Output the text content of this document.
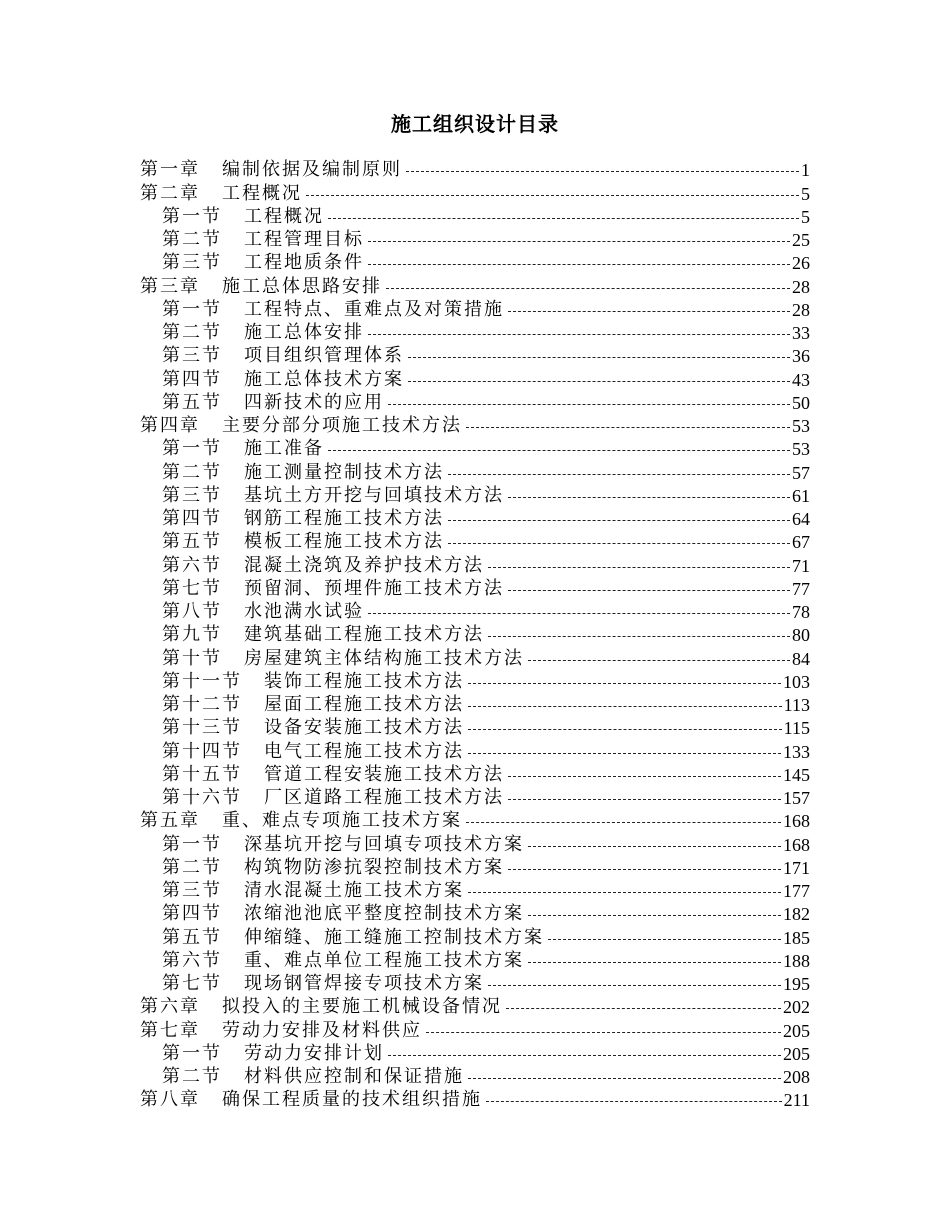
施工组织设计目录
第一章 编制依据及编制原则	1
第二章 工程概况	5
第一节 工程概况	5
第二节 工程管理目标	25
第三节 工程地质条件	26
第三章 施工总体思路安排	28
第一节 工程特点、重难点及对策措施	28
第二节 施工总体安排	33
第三节 项目组织管理体系	36
第四节 施工总体技术方案	43
第五节 四新技术的应用	50
第四章 主要分部分项施工技术方法	53
第一节 施工准备	53
第二节 施工测量控制技术方法	57
第三节 基坑土方开挖与回填技术方法	61
第四节 钢筋工程施工技术方法	64
第五节 模板工程施工技术方法	67
第六节 混凝土浇筑及养护技术方法	71
第七节 预留洞、预埋件施工技术方法	77
第八节 水池满水试验	78
第九节 建筑基础工程施工技术方法	80
第十节 房屋建筑主体结构施工技术方法	84
第十一节 装饰工程施工技术方法	103
第十二节 屋面工程施工技术方法	113
第十三节 设备安装施工技术方法	115
第十四节 电气工程施工技术方法	133
第十五节 管道工程安装施工技术方法	145
第十六节 厂区道路工程施工技术方法	157
第五章 重、难点专项施工技术方案	168
第一节 深基坑开挖与回填专项技术方案	168
第二节 构筑物防渗抗裂控制技术方案	171
第三节 清水混凝土施工技术方案	177
第四节 浓缩池池底平整度控制技术方案	182
第五节 伸缩缝、施工缝施工控制技术方案	185
第六节 重、难点单位工程施工技术方案	188
第七节 现场钢管焊接专项技术方案	195
第六章 拟投入的主要施工机械设备情况	202
第七章 劳动力安排及材料供应	205
第一节 劳动力安排计划	205
第二节 材料供应控制和保证措施	208
第八章 确保工程质量的技术组织措施	211
